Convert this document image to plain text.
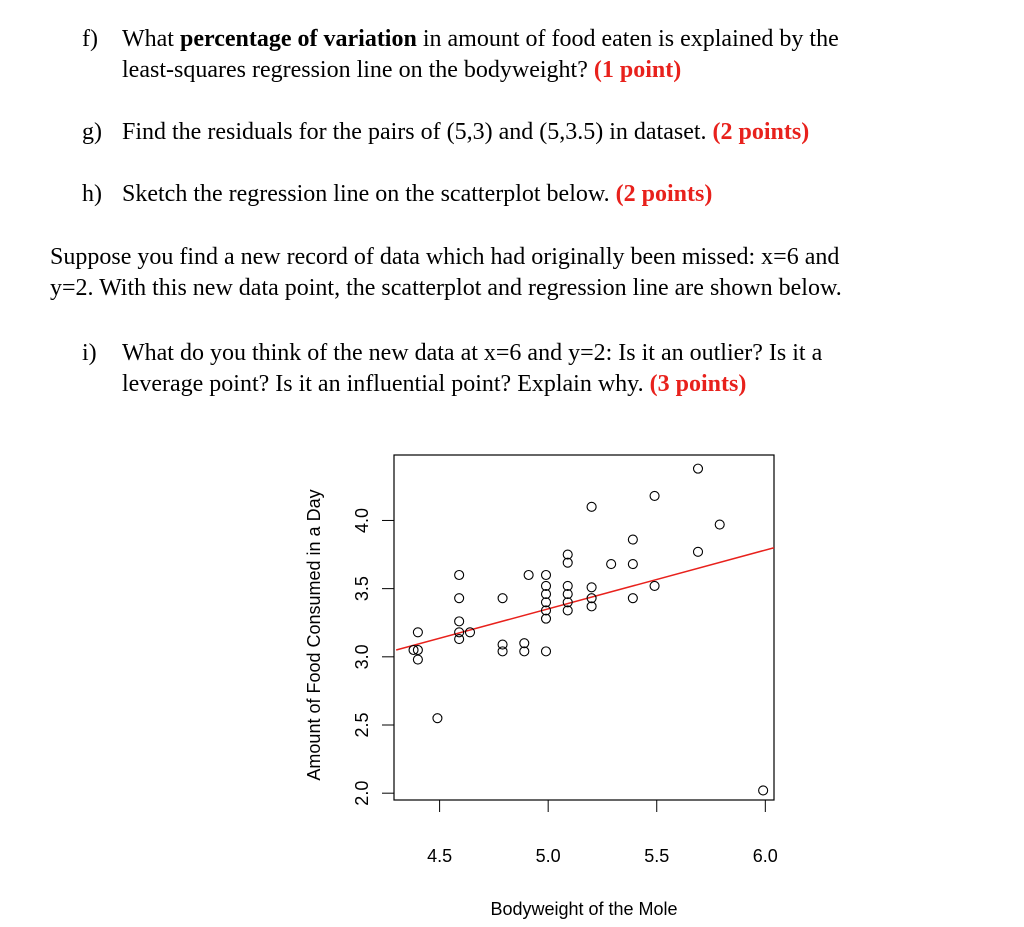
f) What percentage of variation in amount of food eaten is explained by the
least-squares regression line on the bodyweight? (1 point)
g) Find the residuals for the pairs of (5,3) and (5,3.5) in dataset. (2 points)
h) Sketch the regression line on the scatterplot below. (2 points)
Suppose you find a new record of data which had originally been missed: x=6 and
y=2. With this new data point, the scatterplot and regression line are shown below.
i) What do you think of the new data at x=6 and y=2: Is it an outlier? Is it a
leverage point? Is it an influential point? Explain why. (3 points)
4.5	5.0	5.5	6.0
2.0
2.5
3.0
3.5
4.0
Bodyweight of the Mole
Amount of Food Consumed in a Day
